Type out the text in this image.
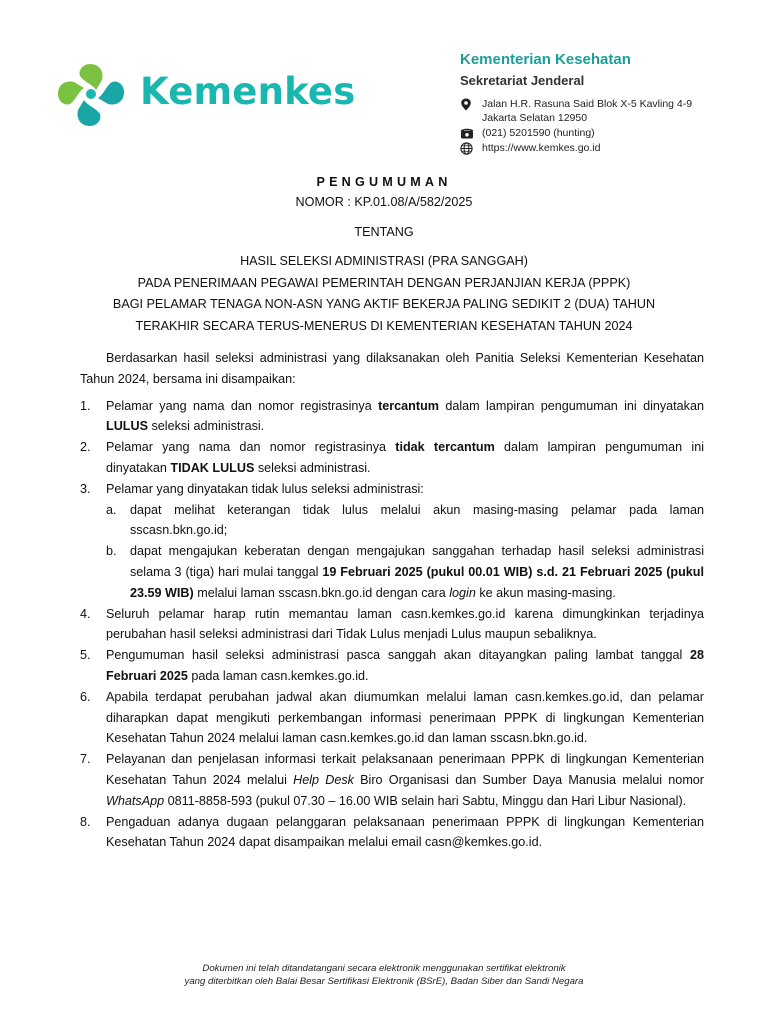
Kemenkes
Kementerian Kesehatan
Sekretariat Jenderal
Jalan H.R. Rasuna Said Blok X-5 Kavling 4-9
Jakarta Selatan 12950
(021) 5201590 (hunting)
https://www.kemkes.go.id
PENGUMUMAN
NOMOR : KP.01.08/A/582/2025
TENTANG
HASIL SELEKSI ADMINISTRASI (PRA SANGGAH)
PADA PENERIMAAN PEGAWAI PEMERINTAH DENGAN PERJANJIAN KERJA (PPPK)
BAGI PELAMAR TENAGA NON-ASN YANG AKTIF BEKERJA PALING SEDIKIT 2 (DUA) TAHUN
TERAKHIR SECARA TERUS-MENERUS DI KEMENTERIAN KESEHATAN TAHUN 2024

Berdasarkan hasil seleksi administrasi yang dilaksanakan oleh Panitia Seleksi Kementerian Kesehatan Tahun 2024, bersama ini disampaikan:

1.	Pelamar yang nama dan nomor registrasinya tercantum dalam lampiran pengumuman ini dinyatakan LULUS seleksi administrasi.
2.	Pelamar yang nama dan nomor registrasinya tidak tercantum dalam lampiran pengumuman ini dinyatakan TIDAK LULUS seleksi administrasi.
3.	Pelamar yang dinyatakan tidak lulus seleksi administrasi:
a.	dapat melihat keterangan tidak lulus melalui akun masing-masing pelamar pada laman sscasn.bkn.go.id;
b.	dapat mengajukan keberatan dengan mengajukan sanggahan terhadap hasil seleksi administrasi selama 3 (tiga) hari mulai tanggal 19 Februari 2025 (pukul 00.01 WIB) s.d. 21 Februari 2025 (pukul 23.59 WIB) melalui laman sscasn.bkn.go.id dengan cara login ke akun masing-masing.
4.	Seluruh pelamar harap rutin memantau laman casn.kemkes.go.id karena dimungkinkan terjadinya perubahan hasil seleksi administrasi dari Tidak Lulus menjadi Lulus maupun sebaliknya.
5.	Pengumuman hasil seleksi administrasi pasca sanggah akan ditayangkan paling lambat tanggal 28 Februari 2025 pada laman casn.kemkes.go.id.
6.	Apabila terdapat perubahan jadwal akan diumumkan melalui laman casn.kemkes.go.id, dan pelamar diharapkan dapat mengikuti perkembangan informasi penerimaan PPPK di lingkungan Kementerian Kesehatan Tahun 2024 melalui laman casn.kemkes.go.id dan laman sscasn.bkn.go.id.
7.	Pelayanan dan penjelasan informasi terkait pelaksanaan penerimaan PPPK di lingkungan Kementerian Kesehatan Tahun 2024 melalui Help Desk Biro Organisasi dan Sumber Daya Manusia melalui nomor WhatsApp 0811-8858-593 (pukul 07.30 – 16.00 WIB selain hari Sabtu, Minggu dan Hari Libur Nasional).
8.	Pengaduan adanya dugaan pelanggaran pelaksanaan penerimaan PPPK di lingkungan Kementerian Kesehatan Tahun 2024 dapat disampaikan melalui email casn@kemkes.go.id.
Dokumen ini telah ditandatangani secara elektronik menggunakan sertifikat elektronik
yang diterbitkan oleh Balai Besar Sertifikasi Elektronik (BSrE), Badan Siber dan Sandi Negara
